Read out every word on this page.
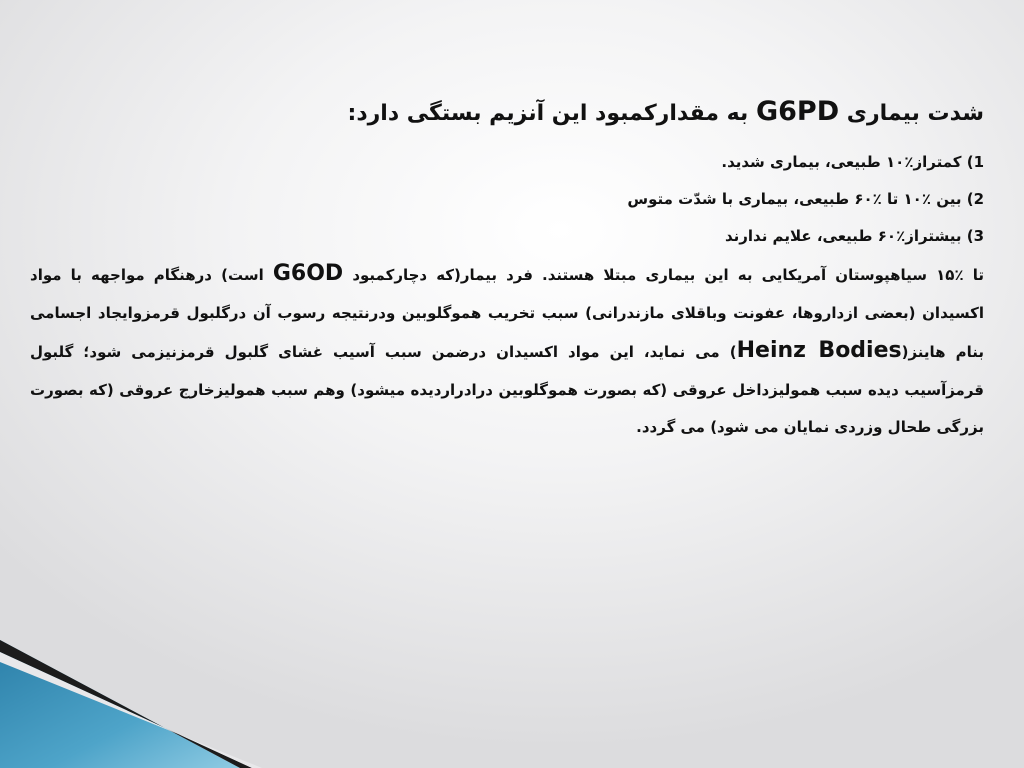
شدت بیماری G6PD به مقدارکمبود این آنزیم بستگی دارد:

1) کمتراز٪۱۰ طبیعی، بیماری شدید.

2) بین ٪۱۰ تا ٪۶۰ طبیعی، بیماری با شدّت متوس

3) بیشتراز٪۶۰ طبیعی، علایم ندارند

تا ٪۱۵ سیاهپوستان آمریکایی به این بیماری مبتلا هستند. فرد بیمار(که دچارکمبود G6OD است) درهنگام مواجهه با مواد اکسیدان (بعضی ازداروها، عفونت وباقلای مازندرانی) سبب تخریب هموگلوبین ودرنتیجه رسوب آن درگلبول قرمزوایجاد اجسامی بنام هاینز(Heinz Bodies) می نماید، این مواد اکسیدان درضمن سبب آسیب غشای گلبول قرمزنیزمی شود؛ گلبول قرمزآسیب دیده سبب همولیزداخل عروقی (که بصورت هموگلوبین درادراردیده میشود) وهم سبب همولیزخارج عروقی (که بصورت بزرگی طحال وزردی نمایان می شود) می گردد.
